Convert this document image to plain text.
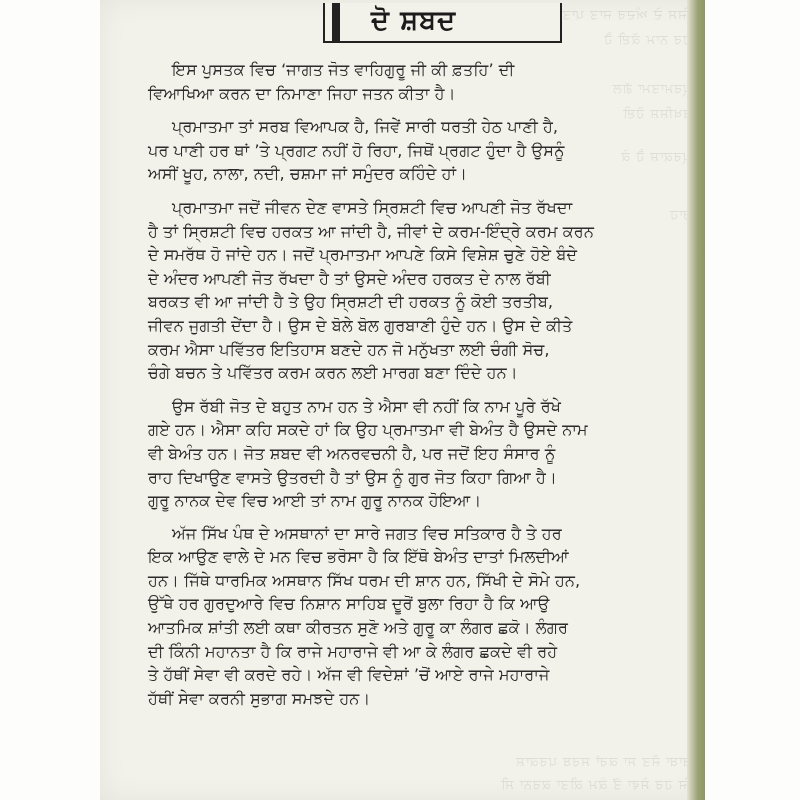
ਜਿਸ ਦੇ ਅੰਦਰ ਜਾਤ ਪਾਤ ਕਰ ਉਹ ਕਰਦੇ
ਹਰ ਨਾਮ ਕੋਈ ਹੈ
ਪ੍ਰਮਾਤਮਾ ਗੱਲ
ਬਖਸ਼ਿਸ਼ ਹੋਈ
ਪ੍ਰਕਾਸ਼ ਹੈ ਕੇ
ਰਾਹ
ਬਾਬਾ ਜੋਤ ਸਾ ਕਰਾਂ ਸਰਬ ਪਰਕਾਸ਼
ਜਿ ਹਰ ਸੇਵਾ ਤੋਂ ਕੰਮ ਕੀਤਾ ਕਰਨਾ ਸੀ
ਦੋ ਸ਼ਬਦ
ਇਸ ਪੁਸਤਕ ਵਿਚ ‘ਜਾਗਤ ਜੋਤ ਵਾਹਿਗੁਰੂ ਜੀ ਕੀ ਫ਼ਤਹਿ’ ਦੀ
ਵਿਆਖਿਆ ਕਰਨ ਦਾ ਨਿਮਾਣਾ ਜਿਹਾ ਜਤਨ ਕੀਤਾ ਹੈ।
ਪ੍ਰਮਾਤਮਾ ਤਾਂ ਸਰਬ ਵਿਆਪਕ ਹੈ, ਜਿਵੇਂ ਸਾਰੀ ਧਰਤੀ ਹੇਠ ਪਾਣੀ ਹੈ,
ਪਰ ਪਾਣੀ ਹਰ ਥਾਂ ’ਤੇ ਪ੍ਰਗਟ ਨਹੀਂ ਹੋ ਰਿਹਾ, ਜਿਥੋਂ ਪ੍ਰਗਟ ਹੁੰਦਾ ਹੈ ਉਸਨੂੰ
ਅਸੀਂ ਖੂਹ, ਨਾਲਾ, ਨਦੀ, ਚਸ਼ਮਾ ਜਾਂ ਸਮੁੰਦਰ ਕਹਿੰਦੇ ਹਾਂ।
ਪ੍ਰਮਾਤਮਾ ਜਦੋਂ ਜੀਵਨ ਦੇਣ ਵਾਸਤੇ ਸ੍ਰਿਸ਼ਟੀ ਵਿਚ ਆਪਣੀ ਜੋਤ ਰੱਖਦਾ
ਹੈ ਤਾਂ ਸ੍ਰਿਸ਼ਟੀ ਵਿਚ ਹਰਕਤ ਆ ਜਾਂਦੀ ਹੈ, ਜੀਵਾਂ ਦੇ ਕਰਮ-ਇੰਦ੍ਰੇ ਕਰਮ ਕਰਨ
ਦੇ ਸਮਰੱਥ ਹੋ ਜਾਂਦੇ ਹਨ। ਜਦੋਂ ਪ੍ਰਮਾਤਮਾ ਆਪਣੇ ਕਿਸੇ ਵਿਸ਼ੇਸ਼ ਚੁਣੇ ਹੋਏ ਬੰਦੇ
ਦੇ ਅੰਦਰ ਆਪਣੀ ਜੋਤ ਰੱਖਦਾ ਹੈ ਤਾਂ ਉਸਦੇ ਅੰਦਰ ਹਰਕਤ ਦੇ ਨਾਲ ਰੱਬੀ
ਬਰਕਤ ਵੀ ਆ ਜਾਂਦੀ ਹੈ ਤੇ ਉਹ ਸ੍ਰਿਸ਼ਟੀ ਦੀ ਹਰਕਤ ਨੂੰ ਕੋਈ ਤਰਤੀਬ,
ਜੀਵਨ ਜੁਗਤੀ ਦੇਂਦਾ ਹੈ। ਉਸ ਦੇ ਬੋਲੇ ਬੋਲ ਗੁਰਬਾਣੀ ਹੁੰਦੇ ਹਨ। ਉਸ ਦੇ ਕੀਤੇ
ਕਰਮ ਐਸਾ ਪਵਿੱਤਰ ਇਤਿਹਾਸ ਬਣਦੇ ਹਨ ਜੋ ਮਨੁੱਖਤਾ ਲਈ ਚੰਗੀ ਸੋਚ,
ਚੰਗੇ ਬਚਨ ਤੇ ਪਵਿੱਤਰ ਕਰਮ ਕਰਨ ਲਈ ਮਾਰਗ ਬਣਾ ਦਿੰਦੇ ਹਨ।
ਉਸ ਰੱਬੀ ਜੋਤ ਦੇ ਬਹੁਤ ਨਾਮ ਹਨ ਤੇ ਐਸਾ ਵੀ ਨਹੀਂ ਕਿ ਨਾਮ ਪੂਰੇ ਰੱਖੇ
ਗਏ ਹਨ। ਐਸਾ ਕਹਿ ਸਕਦੇ ਹਾਂ ਕਿ ਉਹ ਪ੍ਰਮਾਤਮਾ ਵੀ ਬੇਅੰਤ ਹੈ ਉਸਦੇ ਨਾਮ
ਵੀ ਬੇਅੰਤ ਹਨ। ਜੋਤ ਸ਼ਬਦ ਵੀ ਅਨਰਵਚਨੀ ਹੈ, ਪਰ ਜਦੋਂ ਇਹ ਸੰਸਾਰ ਨੂੰ
ਰਾਹ ਦਿਖਾਉਣ ਵਾਸਤੇ ਉਤਰਦੀ ਹੈ ਤਾਂ ਉਸ ਨੂੰ ਗੁਰ ਜੋਤ ਕਿਹਾ ਗਿਆ ਹੈ।
ਗੁਰੂ ਨਾਨਕ ਦੇਵ ਵਿਚ ਆਈ ਤਾਂ ਨਾਮ ਗੁਰੂ ਨਾਨਕ ਹੋਇਆ।
ਅੱਜ ਸਿੱਖ ਪੰਥ ਦੇ ਅਸਥਾਨਾਂ ਦਾ ਸਾਰੇ ਜਗਤ ਵਿਚ ਸਤਿਕਾਰ ਹੈ ਤੇ ਹਰ
ਇਕ ਆਉਣ ਵਾਲੇ ਦੇ ਮਨ ਵਿਚ ਭਰੋਸਾ ਹੈ ਕਿ ਇੱਥੋ ਬੇਅੰਤ ਦਾਤਾਂ ਮਿਲਦੀਆਂ
ਹਨ। ਜਿੱਥੇ ਧਾਰਮਿਕ ਅਸਥਾਨ ਸਿੱਖ ਧਰਮ ਦੀ ਸ਼ਾਨ ਹਨ, ਸਿੱਖੀ ਦੇ ਸੋਮੇ ਹਨ,
ਉੱਥੇ ਹਰ ਗੁਰਦੁਆਰੇ ਵਿਚ ਨਿਸ਼ਾਨ ਸਾਹਿਬ ਦੂਰੋਂ ਬੁਲਾ ਰਿਹਾ ਹੈ ਕਿ ਆਉ
ਆਤਮਿਕ ਸ਼ਾਂਤੀ ਲਈ ਕਥਾ ਕੀਰਤਨ ਸੁਣੋ ਅਤੇ ਗੁਰੂ ਕਾ ਲੰਗਰ ਛਕੋ। ਲੰਗਰ
ਦੀ ਕਿੰਨੀ ਮਹਾਨਤਾ ਹੈ ਕਿ ਰਾਜੇ ਮਹਾਰਾਜੇ ਵੀ ਆ ਕੇ ਲੰਗਰ ਛਕਦੇ ਵੀ ਰਹੇ
ਤੇ ਹੱਥੀਂ ਸੇਵਾ ਵੀ ਕਰਦੇ ਰਹੇ। ਅੱਜ ਵੀ ਵਿਦੇਸ਼ਾਂ ’ਚੋਂ ਆਏ ਰਾਜੇ ਮਹਾਰਾਜੇ
ਹੱਥੀਂ ਸੇਵਾ ਕਰਨੀ ਸੁਭਾਗ ਸਮਝਦੇ ਹਨ।
